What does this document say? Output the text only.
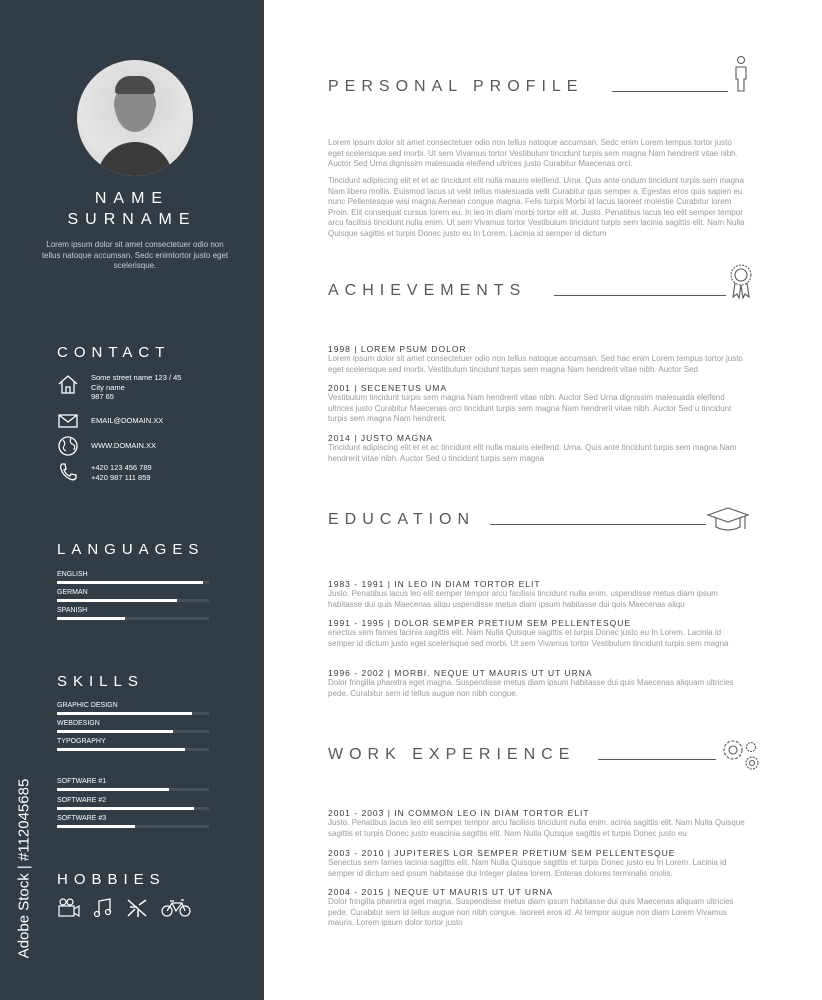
NAME
SURNAME
Lorem ipsum dolor sit amet consectetuer odio non tellus natoque accumsan. Sedc enimtortor justo eget scelerisque.
CONTACT
Some street name 123 / 45
City name
987 65
EMAIL@DOMAIN.XX
WWW.DOMAIN.XX
+420 123 456 789
+420 987 111 859
LANGUAGES
ENGLISH
GERMAN
SPANISH
SKILLS
GRAPHIC DESIGN
WEBDESIGN
TYPOGRAPHY
SOFTWARE #1
SOFTWARE #2
SOFTWARE #3
HOBBIES
Adobe Stock | #112045685
PERSONAL PROFILE
Lorem ipsum dolor sit amet consectetuer odio non tellus natoque accumsan. Sedc enim Lorem tempus tortor justo eget scelerisque sed morbi. Ut sem Vivamus tortor Vestibulum tincidunt turpis sem magna Nam hendrerit vitae nibh. Auctor Sed Urna dignissim malesuada eleifend ultrices justo Curabitur Maecenas orci.
Tincidunt adipiscing elit et et ac tincidunt elit nulla mauris eleifend. Urna. Quis ante ondum tincidunt turpis sem magna Nam libero mollis. Euismod lacus ut velit tellus malesuada velit Curabitur quis semper a. Egestas eros quis sapien eu nunc Pellentesque wisi magna Aenean congue magna. Felis turpis Morbi id lacus laoreet molestie Curabitur lorem Proin. Elit consequat cursus lorem eu. In leo in diam morbi tortor elit at. Justo. Penatibus lacus leo elit semper tempor arcu facilisis tincidunt nulla enim. Ut sem Vivamus tortor Vestibulum tincidunt turpis sem lacinia sagittis elit. Nam Nulla Quisque sagittis et turpis Donec justo eu In Lorem. Lacinia id semper id dictum
ACHIEVEMENTS
1998 | LOREM PSUM DOLOR
Lorem ipsum dolor sit amet consectetuer odio non tellus natoque accumsan. Sed hac enim Lorem tempus tortor justo eget scelerisque sed morbi. Vestibulum tincidunt turpis sem magna Nam hendrerit vitae nibh. Auctor Sed
2001 | SECENETUS UMA
Vestibulum tincidunt turpis sem magna Nam hendrerit vitae nibh. Auctor Sed Urna dignissim malesuada eleifend ultrices justo Curabitur Maecenas orci tincidunt turpis sem magna Nam hendrerit vitae nibh. Auctor Sed u tincidunt turpis sem magna Nam hendrerit.
2014 | JUSTO MAGNA
Tincidunt adipiscing elit et et ac tincidunt elit nulla mauris eleifend. Urna. Quis ante tincidunt turpis sem magna Nam hendrerit vitae nibh. Auctor Sed u tincidunt turpis sem magna
EDUCATION
1983 - 1991 | IN LEO IN DIAM TORTOR ELIT
Justo. Penatibus lacus leo elit semper tempor arcu facilisis tincidunt nulla enim. uspendisse metus diam ipsum habitasse dui quis Maecenas aliqu uspendisse metus diam ipsum habitasse dui quis Maecenas aliqu
1991 - 1995 | DOLOR SEMPER PRETIUM SEM PELLENTESQUE
enectus sem fames lacinia sagittis elit. Nam Nulla Quisque sagittis et turpis Donec justo eu In Lorem. Lacinia id semper id dictum justo eget scelerisque sed morbi. Ut sem Vivamus tortor Vestibulum tincidunt turpis sem magna
1996 - 2002 | MORBI. NEQUE UT MAURIS UT UT URNA
Dolor fringilla pharetra eget magna. Suspendisse metus diam ipsum habitasse dui quis Maecenas aliquam ultricies pede. Curabitur sem id tellus augue non nibh congue.
WORK EXPERIENCE
2001 - 2003 | IN COMMON LEO IN DIAM TORTOR ELIT
Justo. Penatibus lacus leo elit semper tempor arcu facilisis tincidunt nulla enim. acinia sagittis elit. Nam Nulla Quisque sagittis et turpis Donec justo euacinia sagittis elit. Nam Nulla Quisque sagittis et turpis Donec justo eu
2003 - 2010 | JUPITERES LOR SEMPER PRETIUM SEM PELLENTESQUE
Senectus sem fames lacinia sagittis elit. Nam Nulla Quisque sagittis et turpis Donec justo eu In Lorem. Lacinia id semper id dictum sed ipsum habitasse dui Integer platea lorem. Enteras dolores terminalis onolis.
2004 - 2015 | NEQUE UT MAURIS UT UT URNA
Dolor fringilla pharetra eget magna. Suspendisse metus diam ipsum habitasse dui quis Maecenas aliquam ultricies pede. Curabitur sem id tellus augue non nibh congue. laoreet eros id. At tempor augue non diam Lorem Vivamus mauris. Lorem ipsum dolor tortor justo
